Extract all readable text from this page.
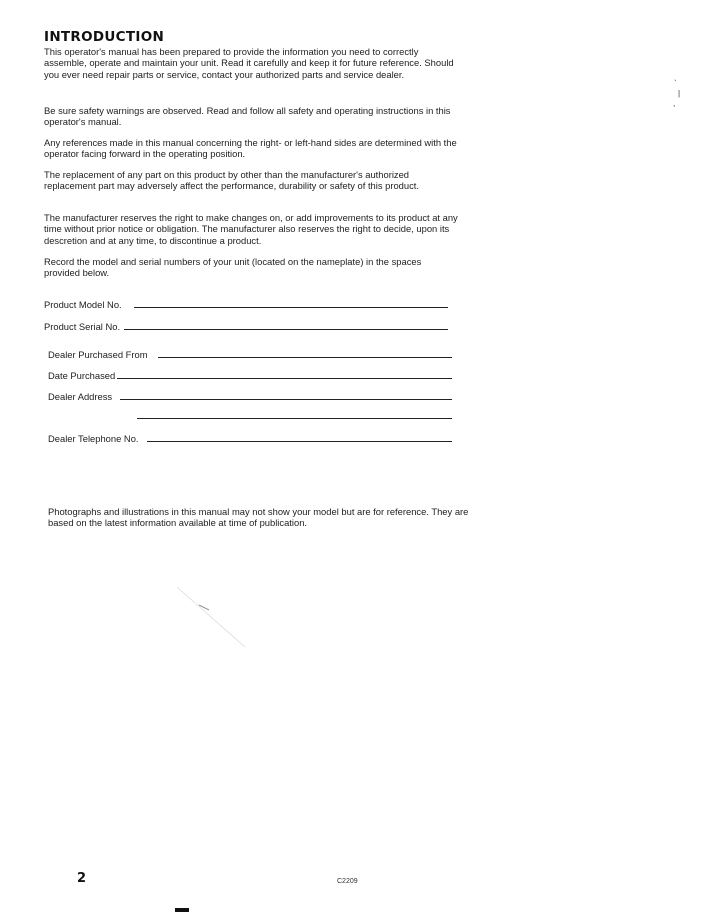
INTRODUCTION

This operator's manual has been prepared to provide the information you need to correctly assemble, operate and maintain your unit. Read it carefully and keep it for future reference. Should you ever need repair parts or service, contact your authorized parts and service dealer.

Be sure safety warnings are observed. Read and follow all safety and operating instructions in this operator's manual.

Any references made in this manual concerning the right- or left-hand sides are determined with the operator facing forward in the operating position.

The replacement of any part on this product by other than the manufacturer's authorized replacement part may adversely affect the performance, durability or safety of this product.

The manufacturer reserves the right to make changes on, or add improvements to its product at any time without prior notice or obligation. The manufacturer also reserves the right to decide, upon its descretion and at any time, to discontinue a product.

Record the model and serial numbers of your unit (located on the nameplate) in the spaces provided below.

Product Model No.
Product Serial No.
Dealer Purchased From
Date Purchased
Dealer Address
Dealer Telephone No.

Photographs and illustrations in this manual may not show your model but are for reference. They are based on the latest information available at time of publication.

2	C2209
`
|
,
